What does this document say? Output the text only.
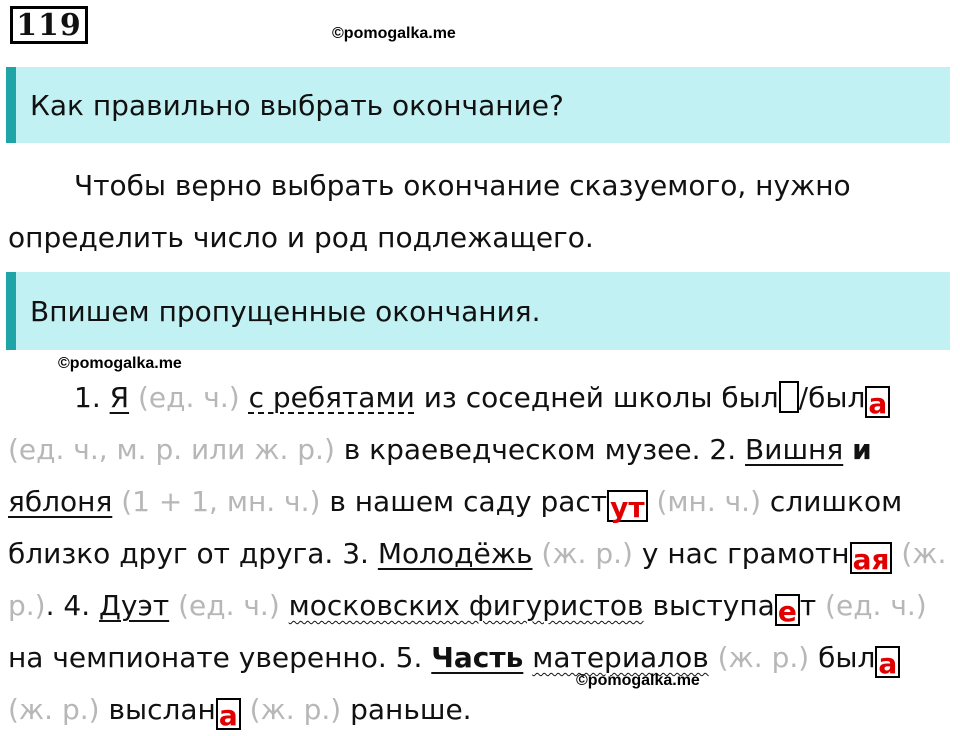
119	©pomogalka.me
Как правильно выбрать окончание?
Чтобы верно выбрать окончание сказуемого, нужно определить число и род подлежащего.
Впишем пропущенные окончания.
©pomogalka.me
1. Я (ед. ч.) с ребятами из соседней школы был /был а (ед. ч., м. р. или ж. р.) в краеведческом музее. 2. Вишня и яблоня (1 + 1, мн. ч.) в нашем саду раст ут (мн. ч.) слишком близко друг от друга. 3. Молодёжь (ж. р.) у нас грамотн ая (ж. р.). 4. Дуэт (ед. ч.) московских фигуристов выступа е т (ед. ч.) на чемпионате уверенно. 5. Часть материалов (ж. р.) был а (ж. р.) выслан а (ж. р.) раньше.
©pomogalka.me
